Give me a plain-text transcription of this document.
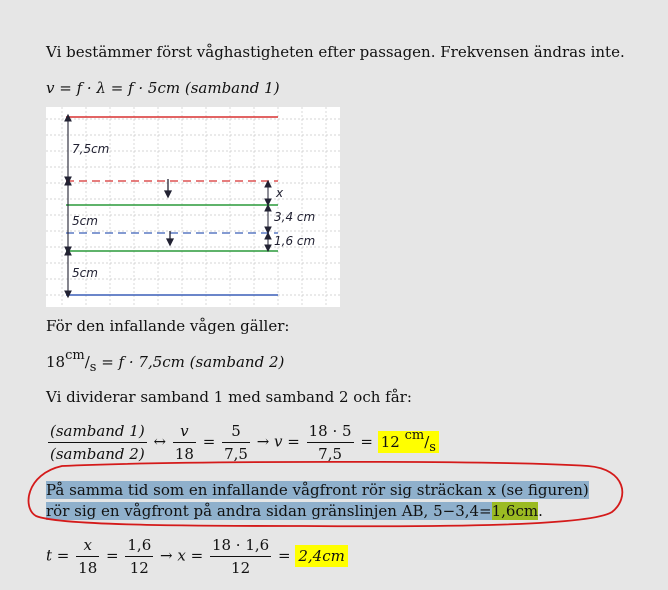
Vi bestämmer först våghastigheten efter passagen. Frekvensen ändras inte.
v = f · λ = f · 5cm (samband 1)
7,5cm
5cm
5cm
x
3,4 cm
1,6 cm
För den infallande vågen gäller:
$18^{cm}/_s = f \cdot 7,5cm$ (samband 2)
Vi dividerar samband 1 med samband 2 och får:
$\frac{\text{(samband 1)}}{\text{(samband 2)}}$ ↔ $\frac{v}{18} = \frac{5}{7,5} \to v = \frac{18 \cdot 5}{7,5} = 12$ $^{cm}/_s$
På samma tid som en infallande vågfront rör sig sträckan x (se figuren) rör sig en vågfront på andra sidan gränslinjen AB, 5−3,4=1,6cm.
$t = \frac{x}{18} = \frac{1,6}{12} \to x = \frac{18 \cdot 1,6}{12} = 2,4cm$
